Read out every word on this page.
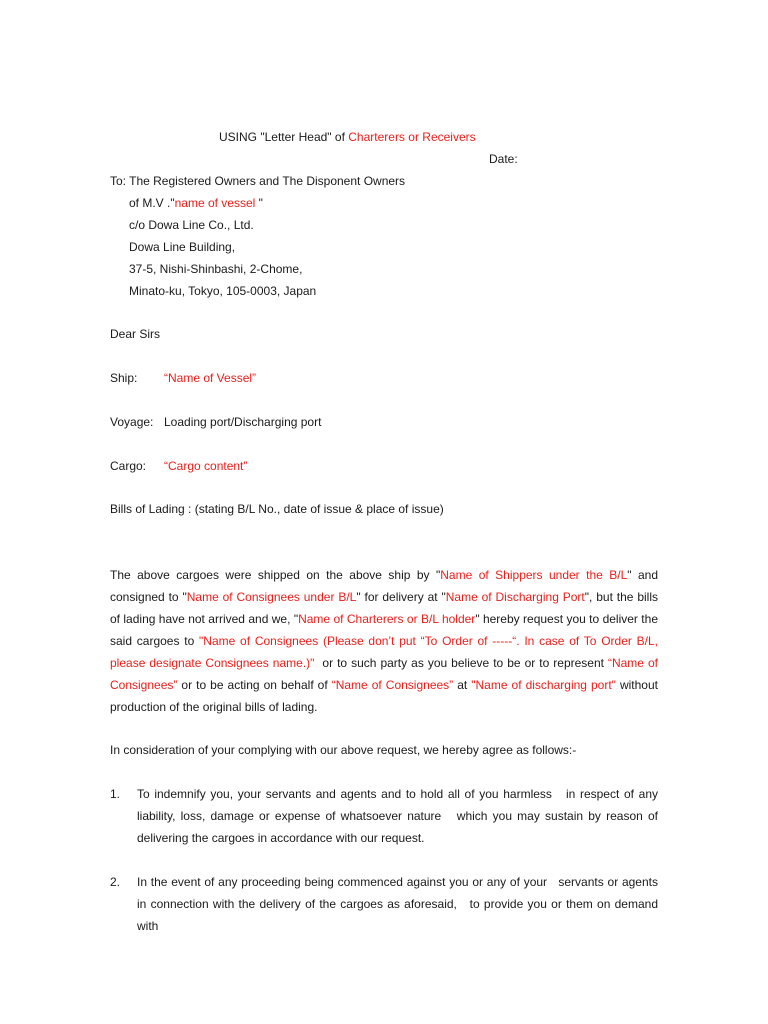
USING "Letter Head" of Charterers or Receivers
Date:
To: The Registered Owners and The Disponent Owners
of M.V ."name of vessel "
c/o Dowa Line Co., Ltd.
Dowa Line Building,
37-5, Nishi-Shinbashi, 2-Chome,
Minato-ku, Tokyo, 105-0003, Japan
Dear Sirs
Ship: “Name of Vessel”
Voyage: Loading port/Discharging port
Cargo: “Cargo content”
Bills of Lading : (stating B/L No., date of issue & place of issue)
The above cargoes were shipped on the above ship by "Name of Shippers under the B/L" and consigned to "Name of Consignees under B/L" for delivery at "Name of Discharging Port", but the bills of lading have not arrived and we, "Name of Charterers or B/L holder" hereby request you to deliver the said cargoes to "Name of Consignees (Please don’t put “To Order of -----“. In case of To Order B/L, please designate Consignees name.)"  or to such party as you believe to be or to represent “Name of Consignees” or to be acting on behalf of “Name of Consignees” at "Name of discharging port" without production of the original bills of lading.
In consideration of your complying with our above request, we hereby agree as follows:-
1. To indemnify you, your servants and agents and to hold all of you harmless   in respect of any liability, loss, damage or expense of whatsoever nature   which you may sustain by reason of delivering the cargoes in accordance with our request.
2. In the event of any proceeding being commenced against you or any of your   servants or agents in connection with the delivery of the cargoes as aforesaid,   to provide you or them on demand with
